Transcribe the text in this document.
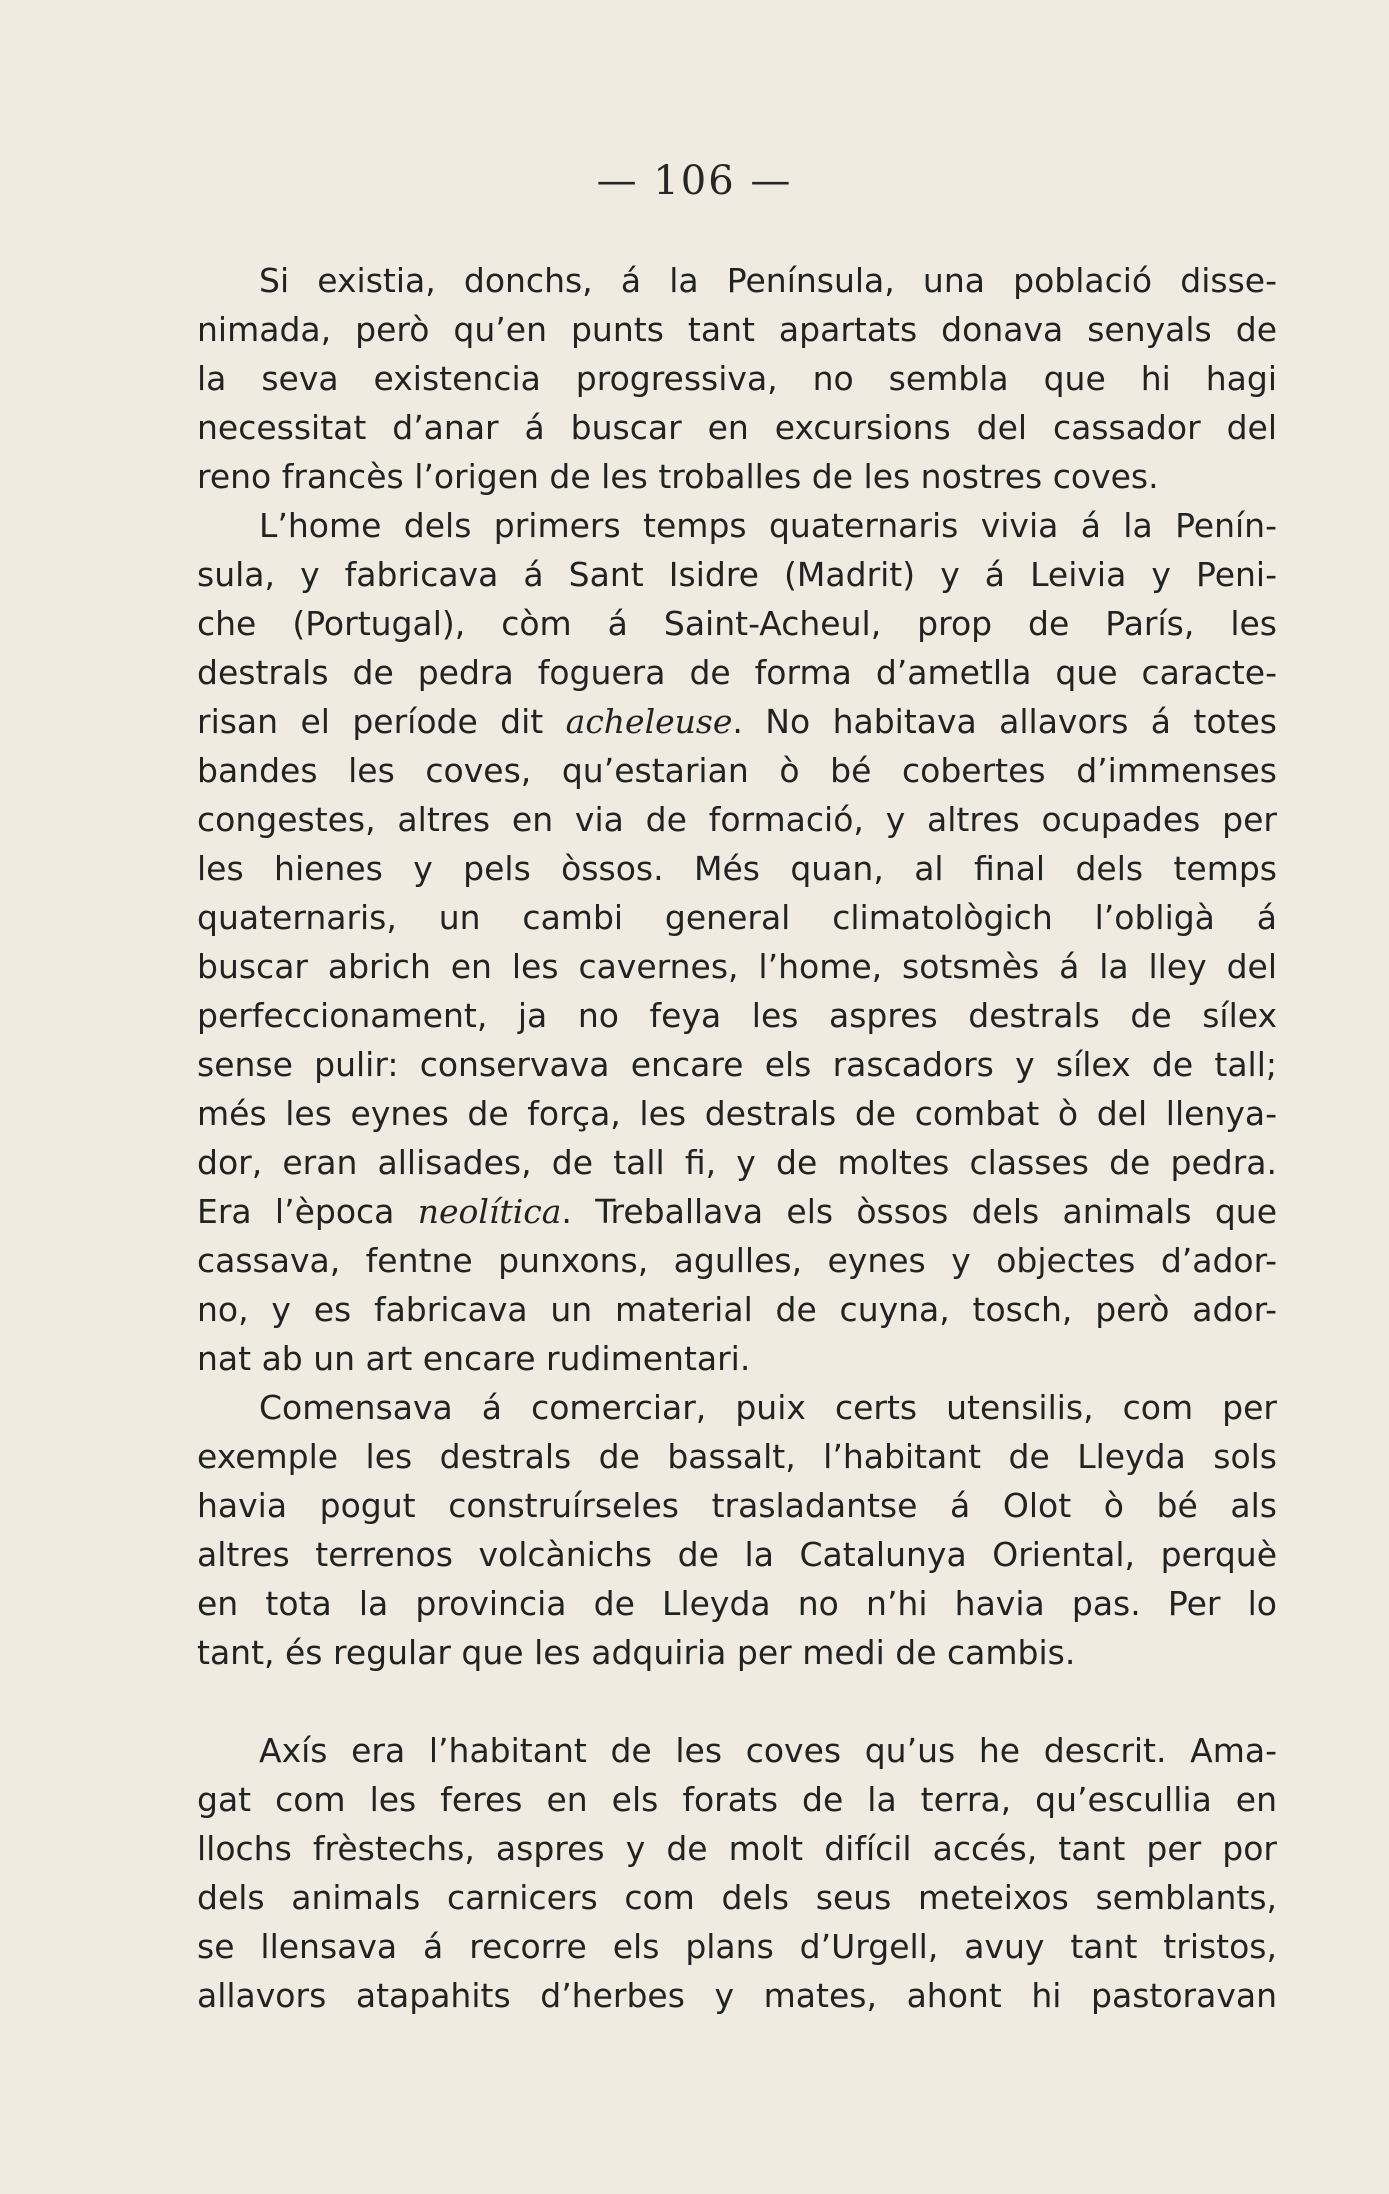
— 106 —
Si existia, donchs, á la Península, una població disse-
nimada, però qu’en punts tant apartats donava senyals de
la seva existencia progressiva, no sembla que hi hagi
necessitat d’anar á buscar en excursions del cassador del
reno francès l’origen de les troballes de les nostres coves.
L’home dels primers temps quaternaris vivia á la Penín-
sula, y fabricava á Sant Isidre (Madrit) y á Leivia y Peni-
che (Portugal), còm á Saint-Acheul, prop de París, les
destrals de pedra foguera de forma d’ametlla que caracte-
risan el període dit acheleuse. No habitava allavors á totes
bandes les coves, qu’estarian ò bé cobertes d’immenses
congestes, altres en via de formació, y altres ocupades per
les hienes y pels òssos. Més quan, al final dels temps
quaternaris, un cambi general climatològich l’obligà á
buscar abrich en les cavernes, l’home, sotsmès á la lley del
perfeccionament, ja no feya les aspres destrals de sílex
sense pulir: conservava encare els rascadors y sílex de tall;
més les eynes de força, les destrals de combat ò del llenya-
dor, eran allisades, de tall fi, y de moltes classes de pedra.
Era l’època neolítica. Treballava els òssos dels animals que
cassava, fentne punxons, agulles, eynes y objectes d’ador-
no, y es fabricava un material de cuyna, tosch, però ador-
nat ab un art encare rudimentari.
Comensava á comerciar, puix certs utensilis, com per
exemple les destrals de bassalt, l’habitant de Lleyda sols
havia pogut construírseles trasladantse á Olot ò bé als
altres terrenos volcànichs de la Catalunya Oriental, perquè
en tota la provincia de Lleyda no n’hi havia pas. Per lo
tant, és regular que les adquiria per medi de cambis.
Axís era l’habitant de les coves qu’us he descrit. Ama-
gat com les feres en els forats de la terra, qu’escullia en
llochs frèstechs, aspres y de molt difícil accés, tant per por
dels animals carnicers com dels seus meteixos semblants,
se llensava á recorre els plans d’Urgell, avuy tant tristos,
allavors atapahits d’herbes y mates, ahont hi pastoravan
